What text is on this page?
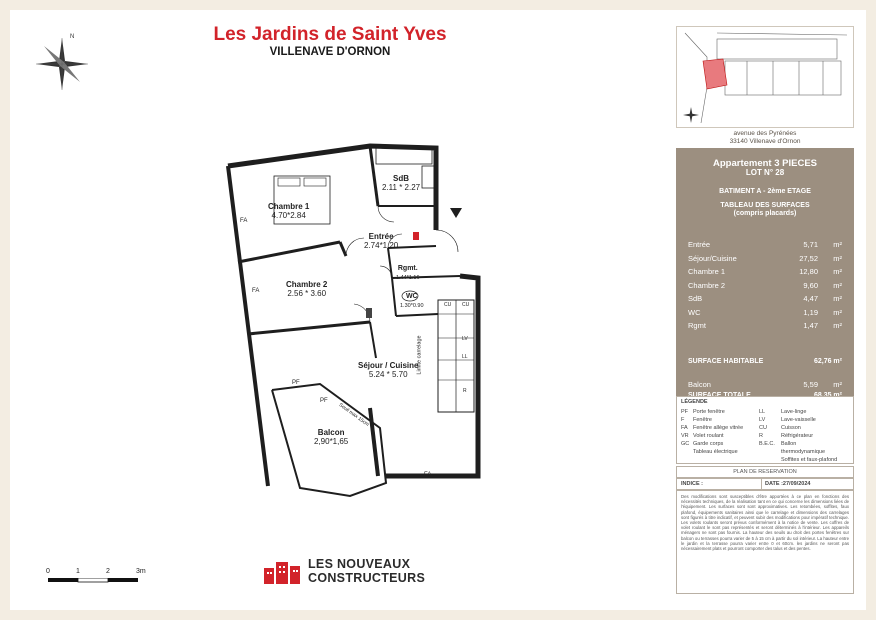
Les Jardins de Saint Yves
VILLENAVE D'ORNON
N
Chambre 1
4.70*2.84
SdB
2.11 * 2.27
Entrée
2.74*1.20
Chambre 2
2.56 * 3.60
Rgmt.
1.44*1.16
WC
1.30*0.90
Séjour / Cuisine
5.24 * 5.70
Balcon
2,90*1,65
FA
FA
FA
PF
PF
CU
CU
LV
LL
R
Limite carrelage
Seuil max 15cm
0	1	2	3m
LES NOUVEAUX
CONSTRUCTEURS
avenue des Pyrénées
33140 Villenave d'Ornon
Appartement 3 PIECES
LOT N° 28
BATIMENT A - 2ème ETAGE
TABLEAU DES SURFACES
(compris placards)
Entrée	5,71 m²
Séjour/Cuisine	27,52 m²
Chambre 1	12,80 m²
Chambre 2	9,60 m²
SdB	4,47 m²
WC	1,19 m²
Rgmt	1,47 m²
SURFACE HABITABLE	62,76 m²
Balcon	5,59 m²
LÉGENDE
PF Porte fenêtre
F Fenêtre
FA Fenêtre allège vitrée
VR Volet roulant
GC Garde corps
Tableau électrique
LL	Lave-linge
LV	Lave-vaisselle
CU	Cuisson
R	Réfrigérateur
B.E.C. Ballon
thermodynamique
Soffites et faux-plafond
PLAN DE RESERVATION
INDICE :	DATE :27/09/2024
Des modifications sont susceptibles d'être apportées à ce plan en fonctions des nécessités techniques, de la réalisation tant en ce qui concerne les dimensions liées de l'équipement. Les surfaces sont sont approximatives. Les retombées, soffites, faux plafond, équipements sanitaires ainsi que le carrelage et dimensions des carrelages sont figurés à titre indicatif, et peuvent subir des modifications pour impératif technique. Les volets roulants seront prévus conformément à la notice de vente. Les coffres de volet roulant le sont pas représentés et seront déterminés à l'intérieur. Les appareils ménagers ne sont pas fournis. La hauteur des seuils au droit des portes fenêtres sur balcon ou terrasses pourra varier de 5 à 15 cm à partir du sol intérieur. La hauteur entre le jardin et la terrasse pourra varier entre 0 et 60cm. les jardins ne seront pas nécessairement plats et pourront comporter des talus et des pentes.
